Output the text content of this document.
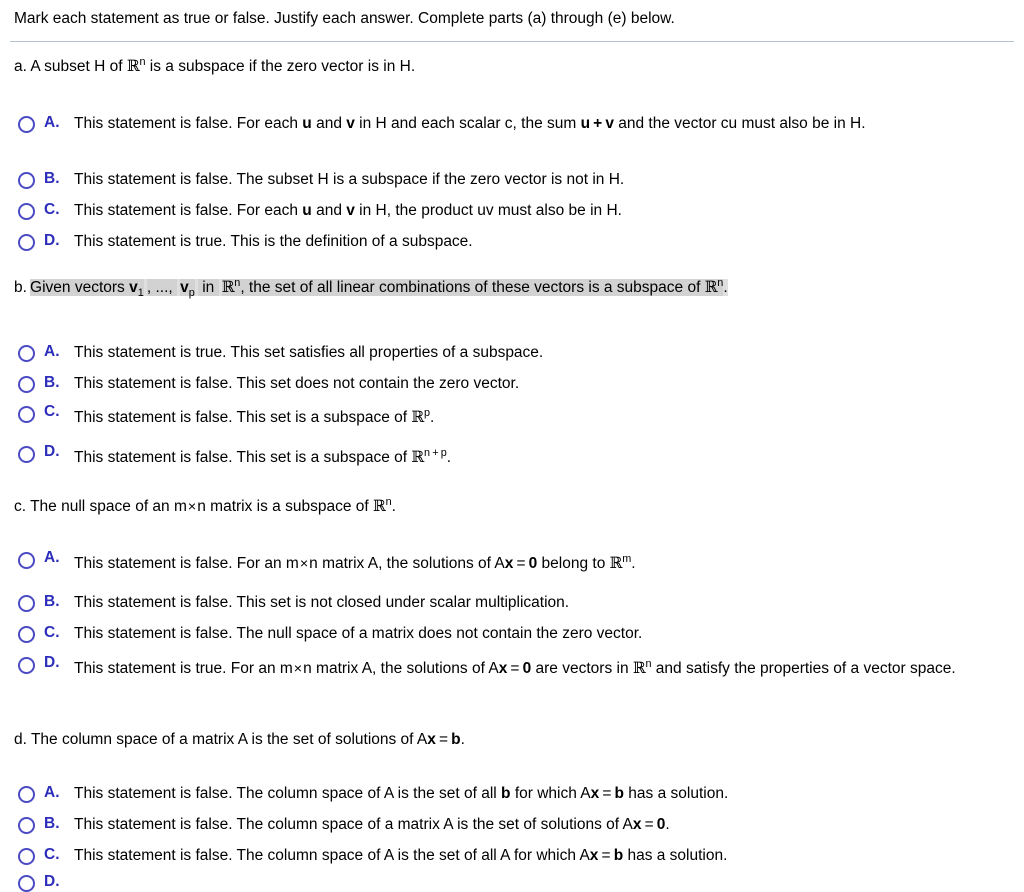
Mark each statement as true or false. Justify each answer. Complete parts (a) through (e) below.
a. A subset H of ℝ$^n$ is a subspace if the zero vector is in H.
A. This statement is false. For each u and v in H and each scalar c, the sum u + v and the vector cu must also be in H.
B. This statement is false. The subset H is a subspace if the zero vector is not in H.
C. This statement is false. For each u and v in H, the product uv must also be in H.
D. This statement is true. This is the definition of a subspace.
b. Given vectors $v_1$  , ...,  $v_p$  in  ℝ$^n$, the set of all linear combinations of these vectors is a subspace of ℝ$^n$.
A. This statement is true. This set satisfies all properties of a subspace.
B. This statement is false. This set does not contain the zero vector.
C. This statement is false. This set is a subspace of ℝ$^p$.
D. This statement is false. This set is a subspace of ℝ$^{n + p}$.
c. The null space of an m×n matrix is a subspace of ℝ$^n$.
A. This statement is false. For an m×n matrix A, the solutions of Ax = 0 belong to ℝ$^m$.
B. This statement is false. This set is not closed under scalar multiplication.
C. This statement is false. The null space of a matrix does not contain the zero vector.
D. This statement is true. For an m×n matrix A, the solutions of Ax = 0 are vectors in ℝ$^n$ and satisfy the properties of a vector space.
d. The column space of a matrix A is the set of solutions of Ax = b.
A. This statement is false. The column space of A is the set of all b for which Ax = b has a solution.
B. This statement is false. The column space of a matrix A is the set of solutions of Ax = 0.
C. This statement is false. The column space of A is the set of all A for which Ax = b has a solution.
D.
